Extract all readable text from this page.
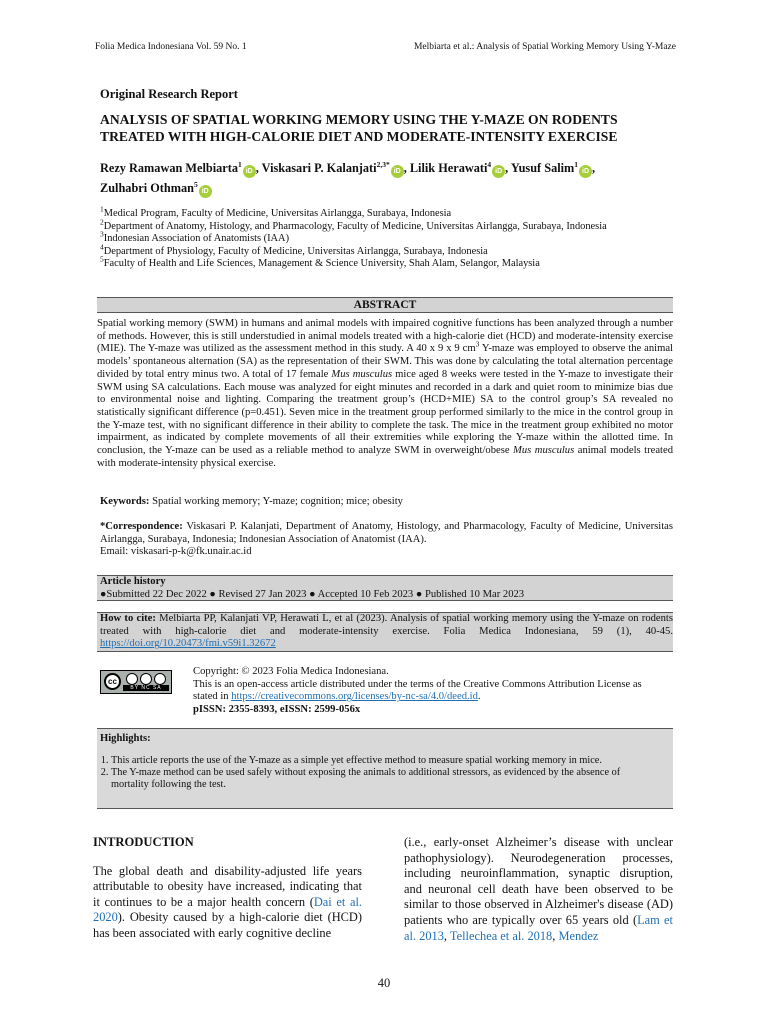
Folia Medica Indonesiana Vol. 59 No. 1	Melbiarta et al.: Analysis of Spatial Working Memory Using Y-Maze
Original Research Report
ANALYSIS OF SPATIAL WORKING MEMORY USING THE Y-MAZE ON RODENTS TREATED WITH HIGH-CALORIE DIET AND MODERATE-INTENSITY EXERCISE
Rezy Ramawan Melbiarta$^1$iD , Viskasari P. Kalanjati$^{2,3*}$iD , Lilik Herawati$^4$iD , Yusuf Salim$^1$iD ,
Zulhabri Othman$^5$iD
$^1$Medical Program, Faculty of Medicine, Universitas Airlangga, Surabaya, Indonesia
$^2$Department of Anatomy, Histology, and Pharmacology, Faculty of Medicine, Universitas Airlangga, Surabaya, Indonesia
$^3$Indonesian Association of Anatomists (IAA)
$^4$Department of Physiology, Faculty of Medicine, Universitas Airlangga, Surabaya, Indonesia
$^5$Faculty of Health and Life Sciences, Management & Science University, Shah Alam, Selangor, Malaysia
ABSTRACT
Spatial working memory (SWM) in humans and animal models with impaired cognitive functions has been analyzed through a number of methods. However, this is still understudied in animal models treated with a high-calorie diet (HCD) and moderate-intensity exercise (MIE). The Y-maze was utilized as the assessment method in this study. A 40 x 9 x 9 $cm^3$ Y-maze was employed to observe the animal models’ spontaneous alternation (SA) as the representation of their SWM. This was done by calculating the total alternation percentage divided by total entry minus two. A total of 17 female Mus musculus mice aged 8 weeks were tested in the Y-maze to investigate their SWM using SA calculations. Each mouse was analyzed for eight minutes and recorded in a dark and quiet room to minimize bias due to environmental noise and lighting. Comparing the treatment group’s (HCD+MIE) SA to the control group’s SA revealed no statistically significant difference (p=0.451). Seven mice in the treatment group performed similarly to the mice in the control group in the Y-maze test, with no significant difference in their ability to complete the task. The mice in the treatment group exhibited no motor impairment, as indicated by complete movements of all their extremities while exploring the Y-maze within the allotted time. In conclusion, the Y-maze can be used as a reliable method to analyze SWM in overweight/obese Mus musculus animal models treated with moderate-intensity physical exercise.
Keywords: Spatial working memory; Y-maze; cognition; mice; obesity
*Correspondence: Viskasari P. Kalanjati, Department of Anatomy, Histology, and Pharmacology, Faculty of Medicine, Universitas Airlangga, Surabaya, Indonesia; Indonesian Association of Anatomist (IAA).
Email: viskasari-p-k@fk.unair.ac.id
Article history
●Submitted 22 Dec 2022 ● Revised 27 Jan 2023 ● Accepted 10 Feb 2023 ● Published 10 Mar 2023
How to cite: Melbiarta PP, Kalanjati VP, Herawati L, et al (2023). Analysis of spatial working memory using the Y-maze on rodents treated with high-calorie diet and moderate-intensity exercise. Folia Medica Indonesiana, 59 (1), 40-45. https://doi.org/10.20473/fmi.v59i1.32672
cc
BY NC SA
Copyright: © 2023 Folia Medica Indonesiana.
This is an open-access article distributed under the terms of the Creative Commons Attribution License as stated in https://creativecommons.org/licenses/by-nc-sa/4.0/deed.id.
pISSN: 2355-8393, eISSN: 2599-056x
Highlights:
1. This article reports the use of the Y-maze as a simple yet effective method to measure spatial working memory in mice.
2. The Y-maze method can be used safely without exposing the animals to additional stressors, as evidenced by the absence of mortality following the test.
INTRODUCTION
The global death and disability-adjusted life years attributable to obesity have increased, indicating that it continues to be a major health concern (Dai et al. 2020). Obesity caused by a high-calorie diet (HCD) has been associated with early cognitive decline
(i.e., early-onset Alzheimer’s disease with unclear pathophysiology). Neurodegeneration processes, including neuroinflammation, synaptic disruption, and neuronal cell death have been observed to be similar to those observed in Alzheimer's disease (AD) patients who are typically over 65 years old (Lam et al. 2013, Tellechea et al. 2018, Mendez
40
